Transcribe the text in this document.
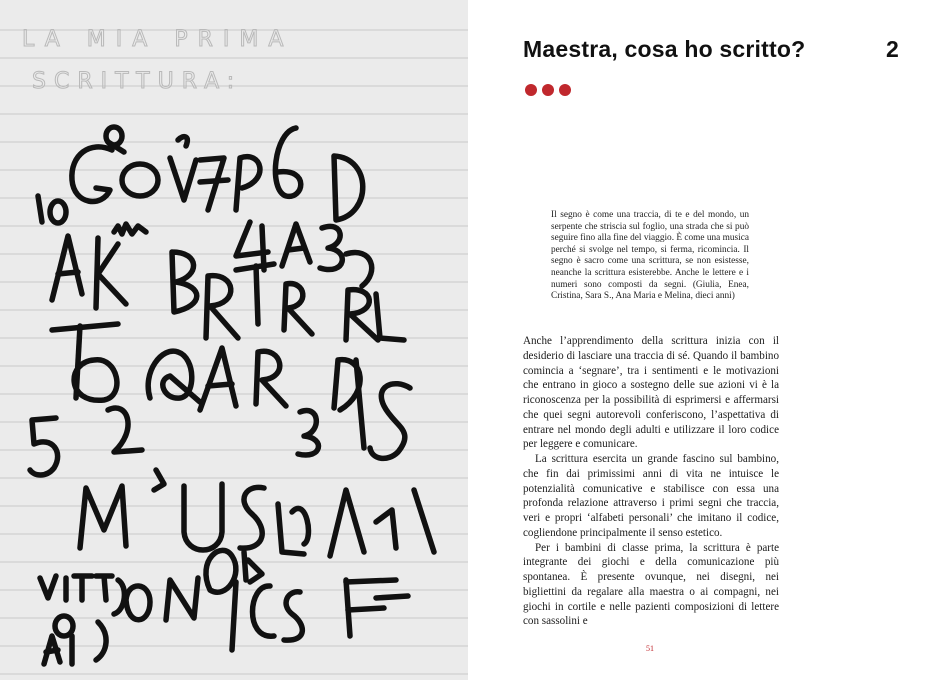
LA MIA PRIMA
SCRITTURA:
Maestra, cosa ho scritto?	2

Il segno è come una traccia, di te e del mondo, un serpente che striscia sul foglio, una strada che si può seguire fino alla fine del viaggio. È come una musica perché si svolge nel tempo, si ferma, ricomincia. Il segno è sacro come una scrittura, se non esistesse, neanche la scrittura esisterebbe. Anche le lettere e i numeri sono composti da segni. (Giulia, Enea, Cristina, Sara S., Ana Maria e Melina, dieci anni)

Anche l’apprendimento della scrittura inizia con il desiderio di lasciare una traccia di sé. Quando il bambino comincia a ‘segnare’, tra i sentimenti e le motivazioni che entrano in gioco a sostegno delle sue azioni vi è la riconoscenza per la possibilità di esprimersi e affermarsi che quei segni autorevoli conferiscono, l’aspettativa di entrare nel mondo degli adulti e utilizzare il loro codice per leggere e comunicare.

La scrittura esercita un grande fascino sul bambino, che fin dai primissimi anni di vita ne intuisce le potenzialità comunicative e stabilisce con essa una profonda relazione attraverso i primi segni che traccia, veri e propri ‘alfabeti personali’ che imitano il codice, cogliendone principalmente il senso estetico.

Per i bambini di classe prima, la scrittura è parte integrante dei giochi e della comunicazione più spontanea. È presente ovunque, nei disegni, nei bigliettini da regalare alla maestra o ai compagni, nei giochi in cortile e nelle pazienti composizioni di lettere con sassolini e

51
